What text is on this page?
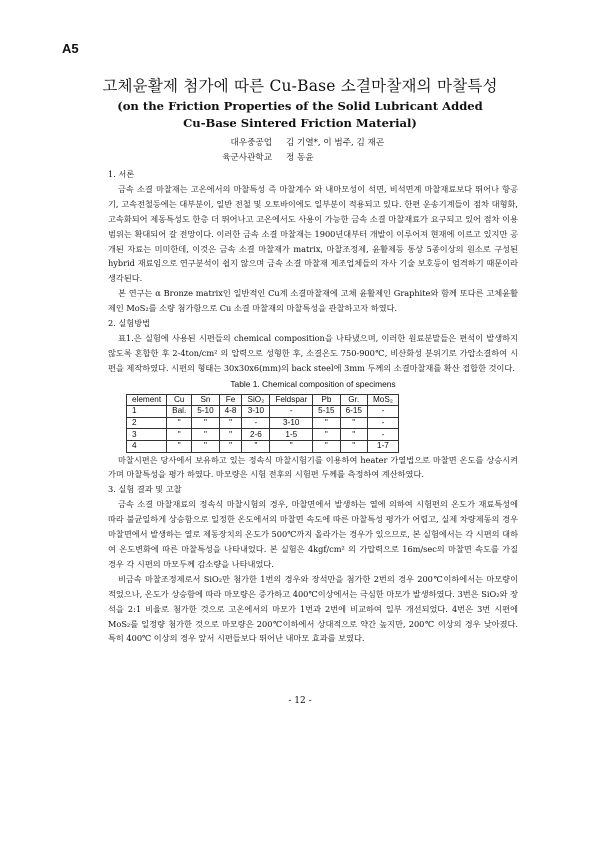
A5
고체윤활제 첨가에 따른 Cu-Base 소결마찰재의 마찰특성
(on the Friction Properties of the Solid Lubricant Added
Cu-Base Sintered Friction Material)
대우중공업	김 기열*, 이 범주, 김 재곤
육군사관학교	정 동윤

1. 서론

금속 소결 마찰재는 고온에서의 마찰특성 즉 마찰계수 와 내마모성이 석면, 비석면계 마찰재료보다 뛰어나 항공기, 고속전철등에는 대부분이, 일반 전철 및 오토바이에도 일부분이 적용되고 있다. 한편 운송기계들이 점차 대형화, 고속화되어 제동특성도 한층 더 뛰어나고 고온에서도 사용이 가능한 금속 소결 마찰재료가 요구되고 있어 점차 이용범위는 확대되어 갈 전망이다. 이러한 금속 소결 마찰재는 1900년대부터 개발이 이루어져 현재에 이르고 있지만 공개된 자료는 미미한데, 이것은 금속 소결 마찰재가 matrix, 마찰조정제, 윤활제등 통상 5종이상의 원소로 구성된 hybrid 재료임으로 연구분석이 쉽지 않으며 금속 소결 마찰재 제조업체들의 자사 기술 보호등이 엄격하기 때문이라 생각된다.

본 연구는 α Bronze matrix인 일반적인 Cu계 소결마찰재에 고체 윤활제인 Graphite와 함께 또다른 고체윤활제인 MoS₂를 소량 첨가함으로 Cu 소결 마찰재의 마찰특성을 관찰하고자 하였다.

2. 실험방법

표1.은 실험에 사용된 시편들의 chemical composition을 나타냈으며, 이러한 원료분말들은 편석이 발생하지 않도록 혼합한 후 2-4ton/cm² 의 압력으로 성형한 후, 소결온도 750-900℃, 비산화성 분위기로 가압소결하여 시편을 제작하였다. 시편의 형태는 30x30x6(mm)의 back steel에 3mm 두께의 소결마찰재를 확산 접합한 것이다.

Table 1. Chemical composition of specimens
element	Cu	Sn	Fe	SiO₂	Feldspar	Pb	Gr.	MoS₂
1	Bal.	5-10	4-8	3-10	-	5-15	6-15	-
2	"	"	"	-	3-10	"	"	-
3	"	"	"	2-6	1-5	"	"	-
4	"	"	"	"	"	"	"	1-7

마찰시편은 당사에서 보유하고 있는 정속식 마찰시험기를 이용하여 heater 가열법으로 마찰면 온도를 상승시켜 가며 마찰특성을 평가 하였다. 마모량은 시험 전후의 시험편 두께를 측정하여 계산하였다.

3. 실험 결과 및 고찰

금속 소결 마찰재료의 정속식 마찰시험의 경우, 마찰면에서 발생하는 열에 의하여 시험편의 온도가 재료특성에 따라 불균일하게 상승함으로 일정한 온도에서의 마찰면 속도에 따른 마찰특성 평가가 어렵고, 실제 차량제동의 경우 마찰면에서 발생하는 열로 제동장치의 온도가 500℃까지 올라가는 경우가 있으므로, 본 실험에서는 각 시편의 대하여 온도변화에 따른 마찰특성을 나타내었다. 본 실험은 4kgf/cm² 의 가압력으로 16m/sec의 마찰면 속도를 가질 경우 각 시편의 마모두께 감소량을 나타내었다.

비금속 마찰조정제로서 SiO₂만 첨가한 1번의 경우와 장석만을 첨가한 2번의 경우 200℃이하에서는 마모량이 적었으나, 온도가 상승함에 따라 마모량은 증가하고 400℃이상에서는 극심한 마모가 발생하였다. 3번은 SiO₂와 장석을 2:1 비율로 첨가한 것으로 고온에서의 마모가 1번과 2번에 비교하여 일부 개선되었다. 4번은 3번 시편에 MoS₂를 일정량 첨가한 것으로 마모량은 200℃이하에서 상대적으로 약간 높지만, 200℃ 이상의 경우 낮아졌다. 특히 400℃ 이상의 경우 앞서 시편들보다 뛰어난 내마모 효과를 보였다.

- 12 -
